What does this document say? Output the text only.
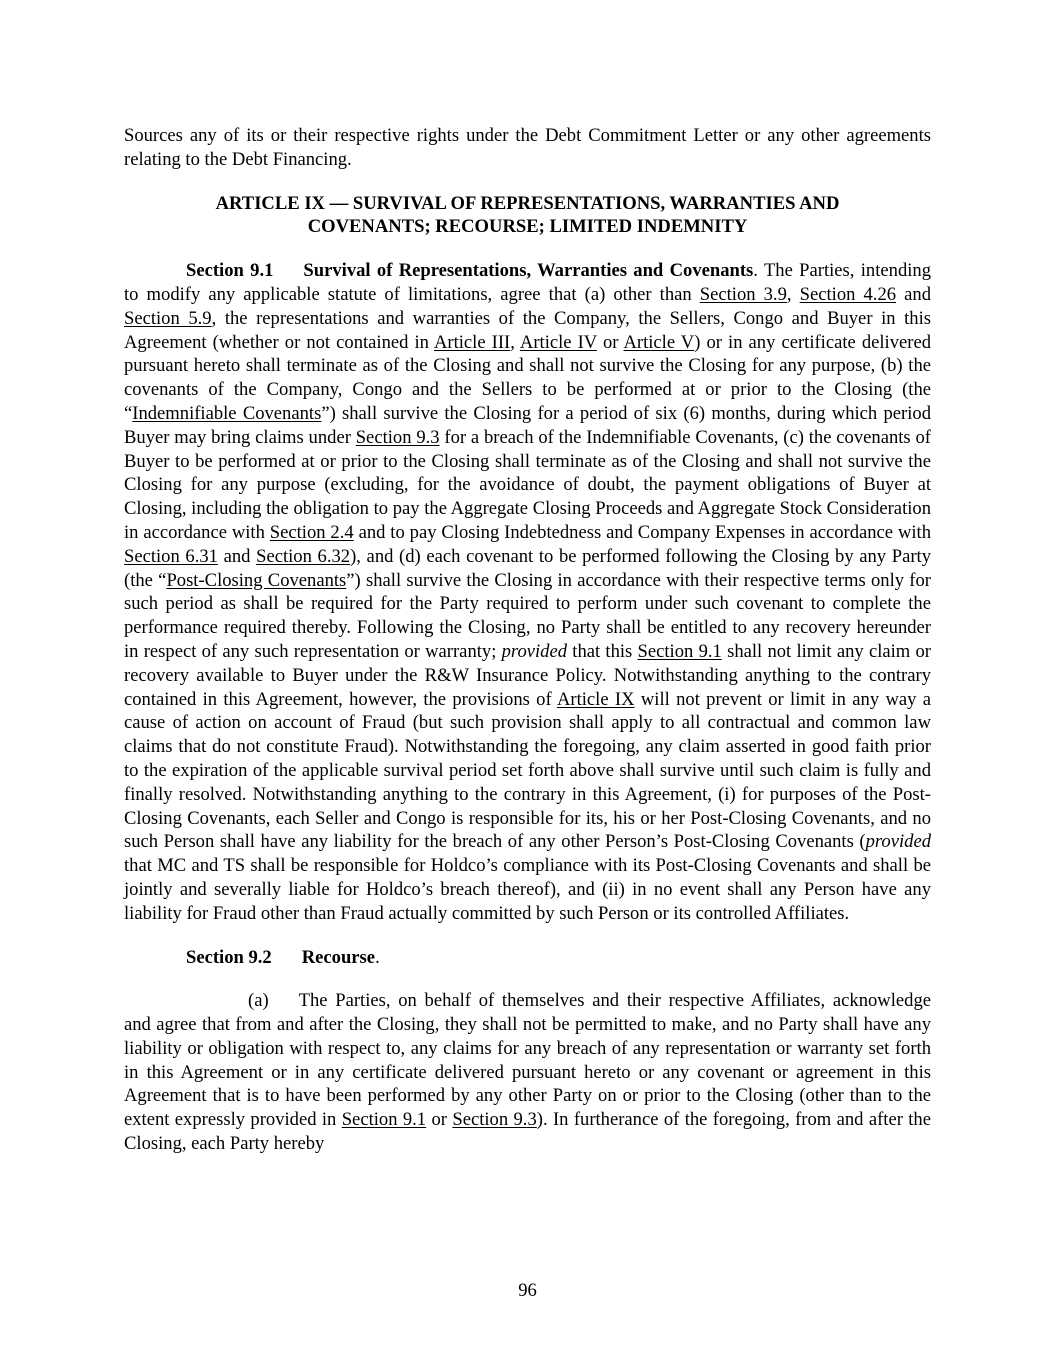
Sources any of its or their respective rights under the Debt Commitment Letter or any other agreements relating to the Debt Financing.

ARTICLE IX — SURVIVAL OF REPRESENTATIONS, WARRANTIES AND
COVENANTS; RECOURSE; LIMITED INDEMNITY

Section 9.1 Survival of Representations, Warranties and Covenants. The Parties, intending to modify any applicable statute of limitations, agree that (a) other than Section 3.9, Section 4.26 and Section 5.9, the representations and warranties of the Company, the Sellers, Congo and Buyer in this Agreement (whether or not contained in Article III, Article IV or Article V) or in any certificate delivered pursuant hereto shall terminate as of the Closing and shall not survive the Closing for any purpose, (b) the covenants of the Company, Congo and the Sellers to be performed at or prior to the Closing (the “Indemnifiable Covenants”) shall survive the Closing for a period of six (6) months, during which period Buyer may bring claims under Section 9.3 for a breach of the Indemnifiable Covenants, (c) the covenants of Buyer to be performed at or prior to the Closing shall terminate as of the Closing and shall not survive the Closing for any purpose (excluding, for the avoidance of doubt, the payment obligations of Buyer at Closing, including the obligation to pay the Aggregate Closing Proceeds and Aggregate Stock Consideration in accordance with Section 2.4 and to pay Closing Indebtedness and Company Expenses in accordance with Section 6.31 and Section 6.32), and (d) each covenant to be performed following the Closing by any Party (the “Post-Closing Covenants”) shall survive the Closing in accordance with their respective terms only for such period as shall be required for the Party required to perform under such covenant to complete the performance required thereby. Following the Closing, no Party shall be entitled to any recovery hereunder in respect of any such representation or warranty; provided that this Section 9.1 shall not limit any claim or recovery available to Buyer under the R&W Insurance Policy. Notwithstanding anything to the contrary contained in this Agreement, however, the provisions of Article IX will not prevent or limit in any way a cause of action on account of Fraud (but such provision shall apply to all contractual and common law claims that do not constitute Fraud). Notwithstanding the foregoing, any claim asserted in good faith prior to the expiration of the applicable survival period set forth above shall survive until such claim is fully and finally resolved. Notwithstanding anything to the contrary in this Agreement, (i) for purposes of the Post-Closing Covenants, each Seller and Congo is responsible for its, his or her Post-Closing Covenants, and no such Person shall have any liability for the breach of any other Person’s Post-Closing Covenants (provided that MC and TS shall be responsible for Holdco’s compliance with its Post-Closing Covenants and shall be jointly and severally liable for Holdco’s breach thereof), and (ii) in no event shall any Person have any liability for Fraud other than Fraud actually committed by such Person or its controlled Affiliates.

Section 9.2 Recourse.

(a) The Parties, on behalf of themselves and their respective Affiliates, acknowledge and agree that from and after the Closing, they shall not be permitted to make, and no Party shall have any liability or obligation with respect to, any claims for any breach of any representation or warranty set forth in this Agreement or in any certificate delivered pursuant hereto or any covenant or agreement in this Agreement that is to have been performed by any other Party on or prior to the Closing (other than to the extent expressly provided in Section 9.1 or Section 9.3). In furtherance of the foregoing, from and after the Closing, each Party hereby

96
